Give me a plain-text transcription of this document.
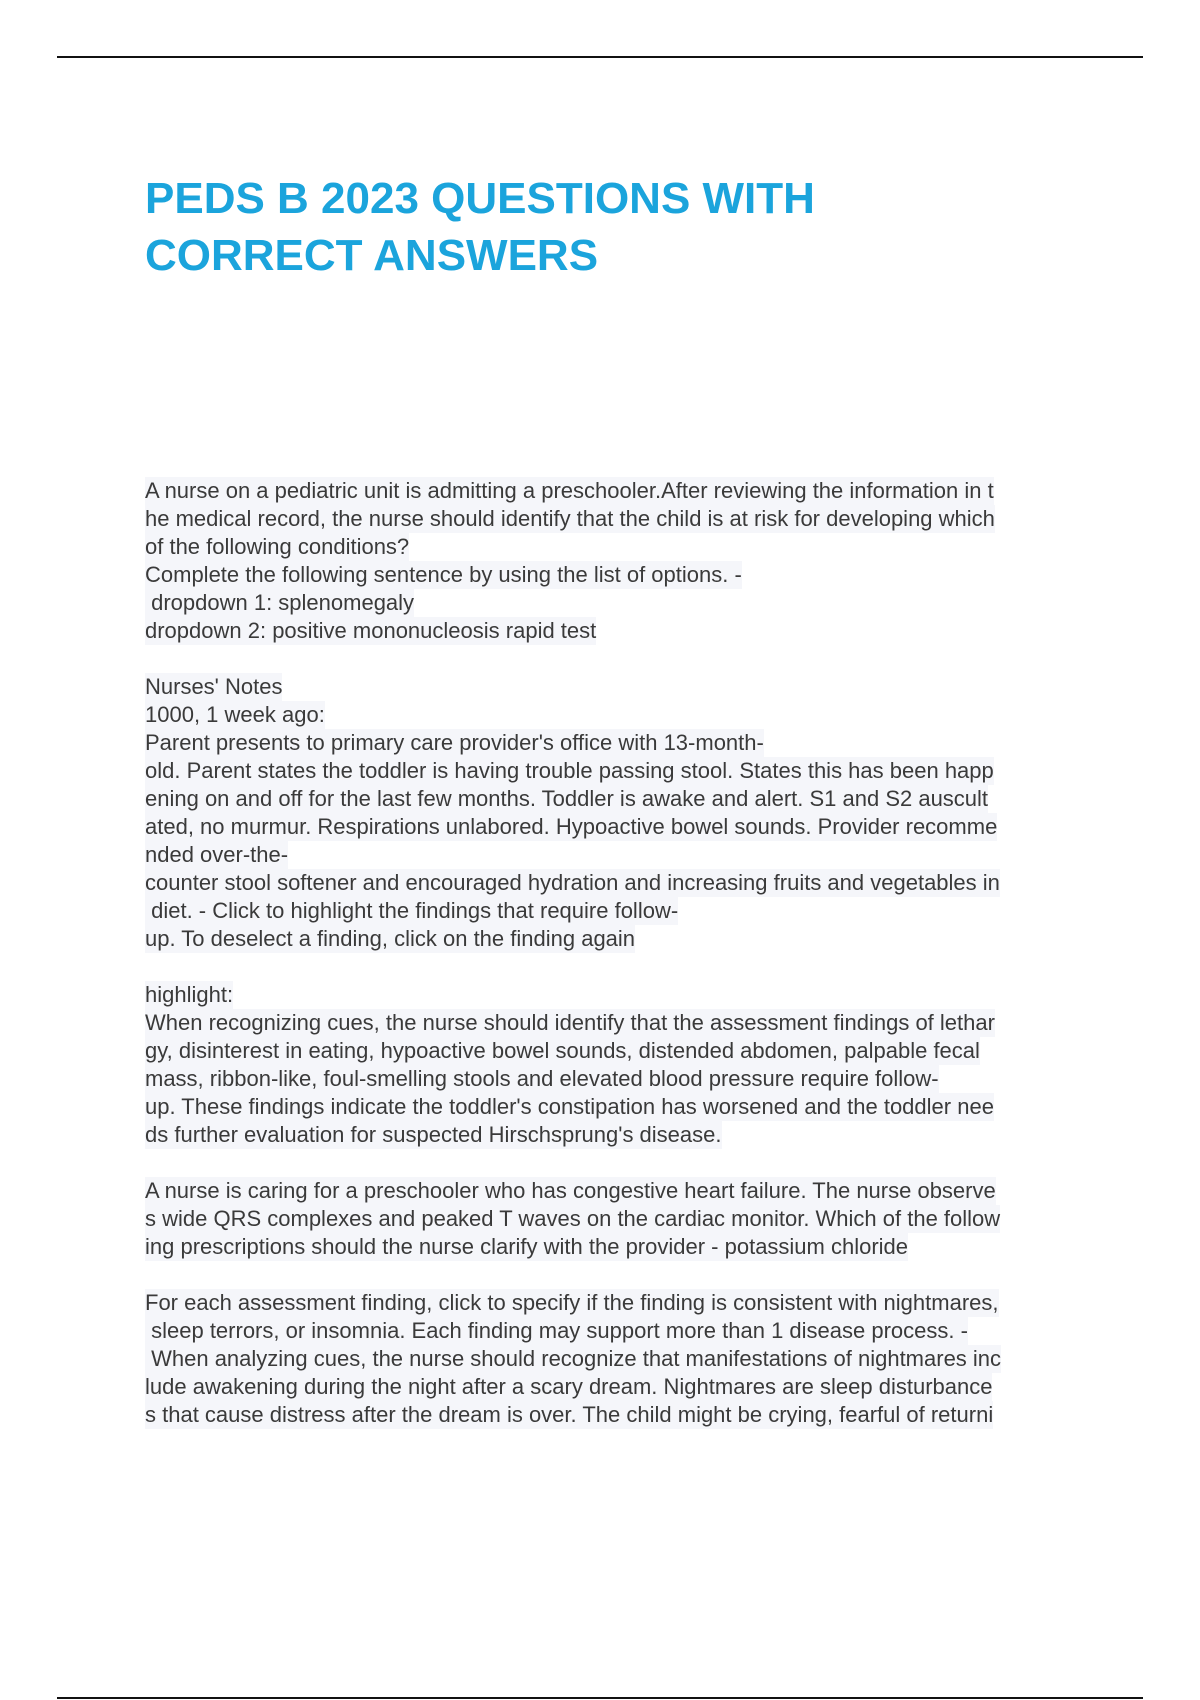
PEDS B 2023 QUESTIONS WITH
CORRECT ANSWERS
A nurse on a pediatric unit is admitting a preschooler.After reviewing the information in t
he medical record, the nurse should identify that the child is at risk for developing which
of the following conditions?
Complete the following sentence by using the list of options. -
dropdown 1: splenomegaly
dropdown 2: positive mononucleosis rapid test
Nurses' Notes
1000, 1 week ago:
Parent presents to primary care provider's office with 13-month-
old. Parent states the toddler is having trouble passing stool. States this has been happ
ening on and off for the last few months. Toddler is awake and alert. S1 and S2 auscult
ated, no murmur. Respirations unlabored. Hypoactive bowel sounds. Provider recomme
nded over-the-
counter stool softener and encouraged hydration and increasing fruits and vegetables in
diet. - Click to highlight the findings that require follow-
up. To deselect a finding, click on the finding again
highlight:
When recognizing cues, the nurse should identify that the assessment findings of lethar
gy, disinterest in eating, hypoactive bowel sounds, distended abdomen, palpable fecal
mass, ribbon-like, foul-smelling stools and elevated blood pressure require follow-
up. These findings indicate the toddler's constipation has worsened and the toddler nee
ds further evaluation for suspected Hirschsprung's disease.
A nurse is caring for a preschooler who has congestive heart failure. The nurse observe
s wide QRS complexes and peaked T waves on the cardiac monitor. Which of the follow
ing prescriptions should the nurse clarify with the provider - potassium chloride
For each assessment finding, click to specify if the finding is consistent with nightmares,
sleep terrors, or insomnia. Each finding may support more than 1 disease process. -
When analyzing cues, the nurse should recognize that manifestations of nightmares inc
lude awakening during the night after a scary dream. Nightmares are sleep disturbance
s that cause distress after the dream is over. The child might be crying, fearful of returni
